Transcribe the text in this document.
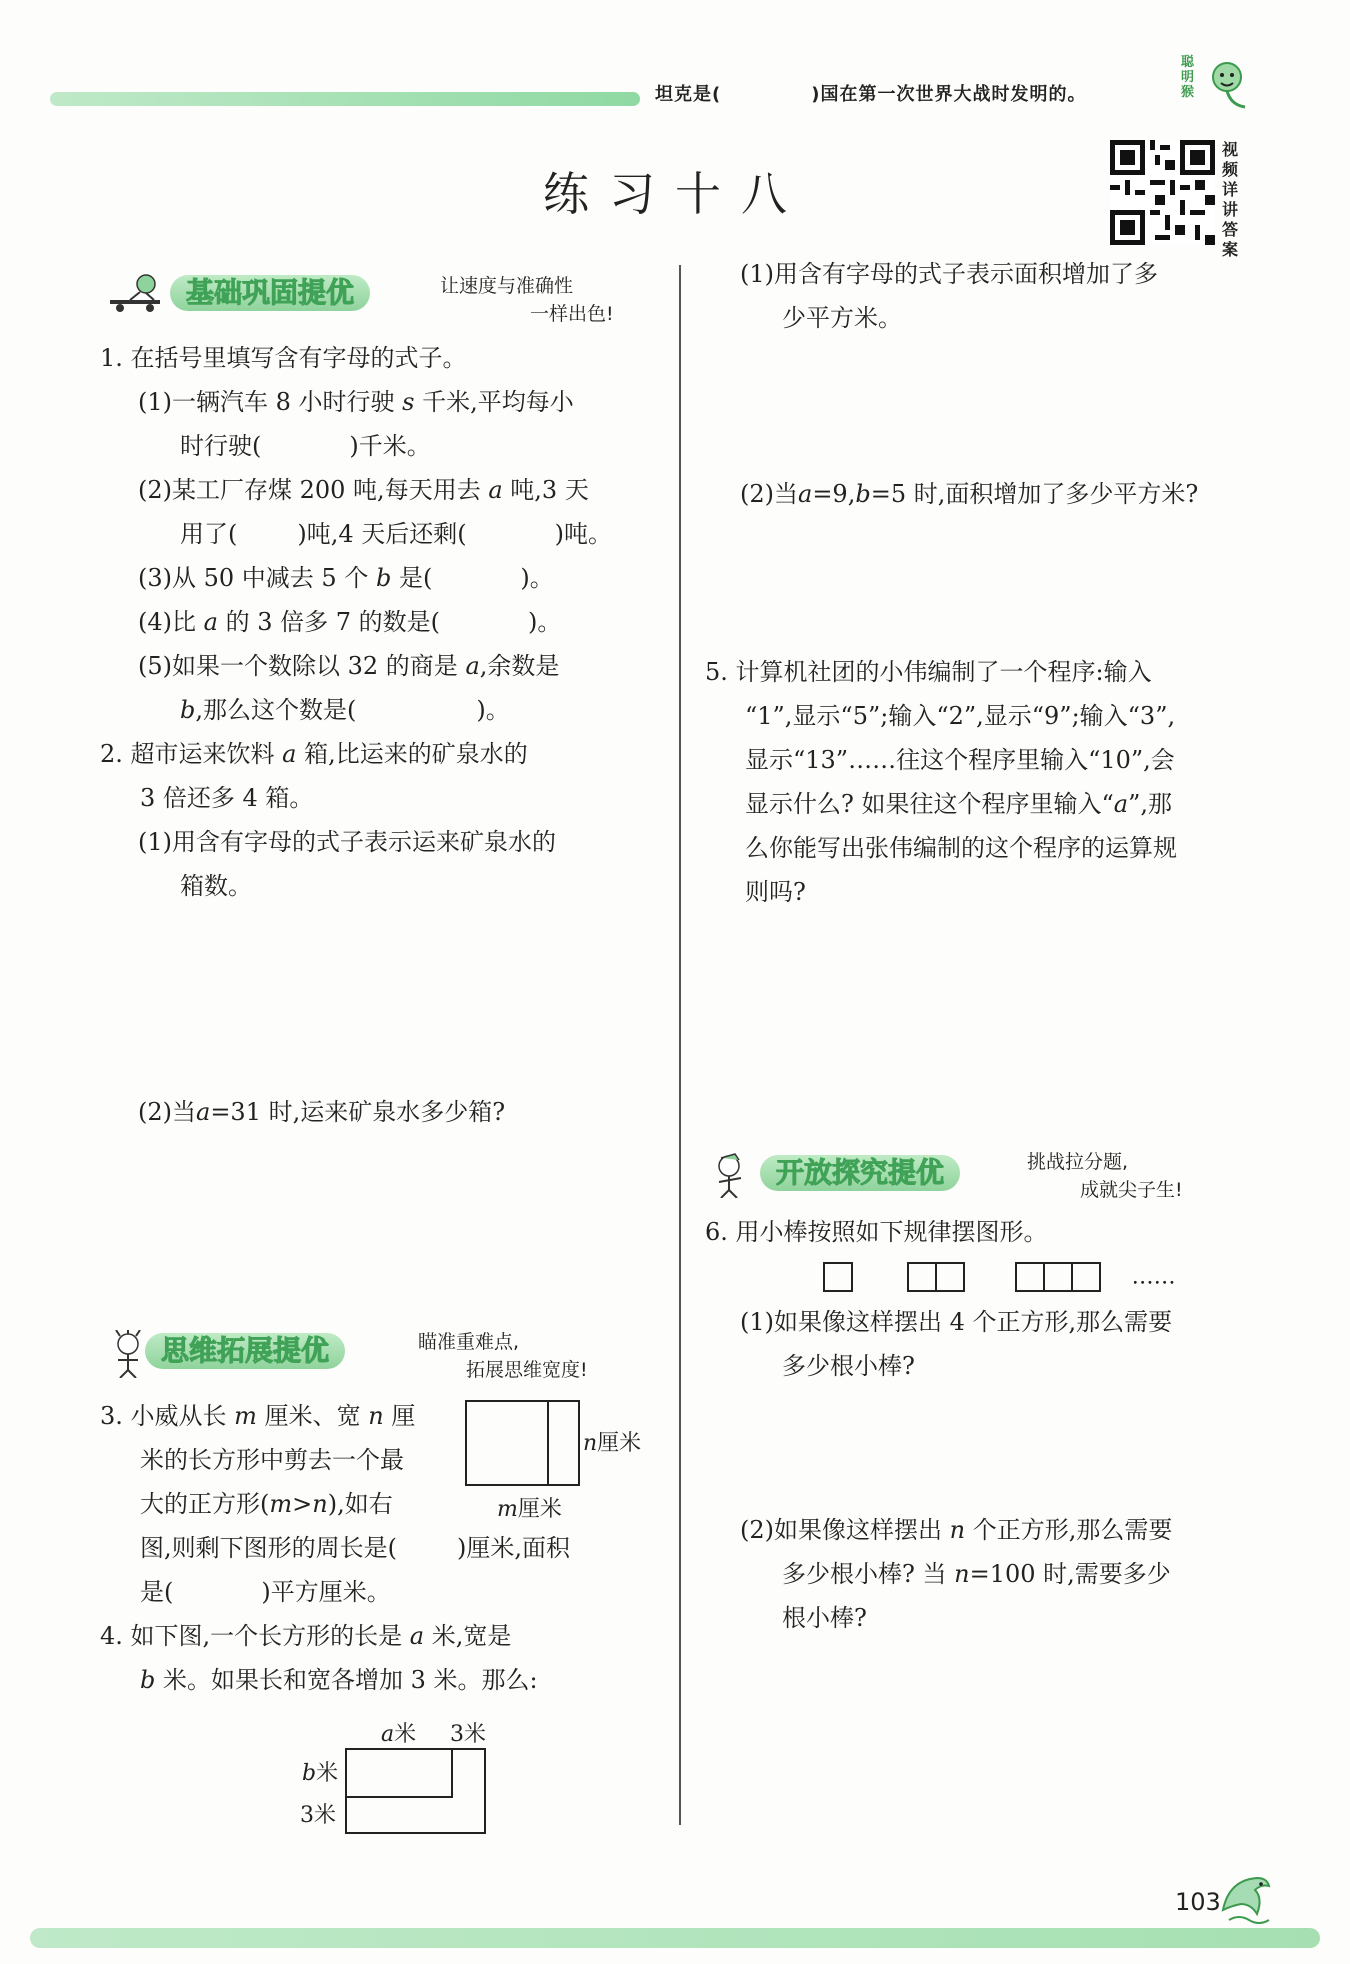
坦克是(	)国在第一次世界大战时发明的。
聪明猴
练习十八
视频详讲答案
基础巩固提优	让速度与准确性
一样出色!
1. 在括号里填写含有字母的式子。
(1)一辆汽车 8 小时行驶 s 千米,平均每小
时行驶(	)千米。
(2)某工厂存煤 200 吨,每天用去 a 吨,3 天
用了(	)吨,4 天后还剩(	)吨。
(3)从 50 中减去 5 个 b 是(	)。
(4)比 a 的 3 倍多 7 的数是(	)。
(5)如果一个数除以 32 的商是 a,余数是
b,那么这个数是(	)。
2. 超市运来饮料 a 箱,比运来的矿泉水的
3 倍还多 4 箱。
(1)用含有字母的式子表示运来矿泉水的
箱数。
(2)当a=31 时,运来矿泉水多少箱?
思维拓展提优	瞄准重难点,
拓展思维宽度!
3. 小威从长 m 厘米、宽 n 厘
米的长方形中剪去一个最
大的正方形(m>n),如右
图,则剩下图形的周长是(	)厘米,面积
是(	)平方厘米。
n厘米
m厘米
4. 如下图,一个长方形的长是 a 米,宽是
b 米。如果长和宽各增加 3 米。那么:
a米 3米
b米
3米
(1)用含有字母的式子表示面积增加了多
少平方米。
(2)当a=9,b=5 时,面积增加了多少平方米?
5. 计算机社团的小伟编制了一个程序:输入
“1”,显示“5”;输入“2”,显示“9”;输入“3”,
显示“13”……往这个程序里输入“10”,会
显示什么? 如果往这个程序里输入“a”,那
么你能写出张伟编制的这个程序的运算规
则吗?
开放探究提优	挑战拉分题,
成就尖子生!
6. 用小棒按照如下规律摆图形。
……
(1)如果像这样摆出 4 个正方形,那么需要
多少根小棒?
(2)如果像这样摆出 n 个正方形,那么需要
多少根小棒? 当 n=100 时,需要多少
根小棒?
103
